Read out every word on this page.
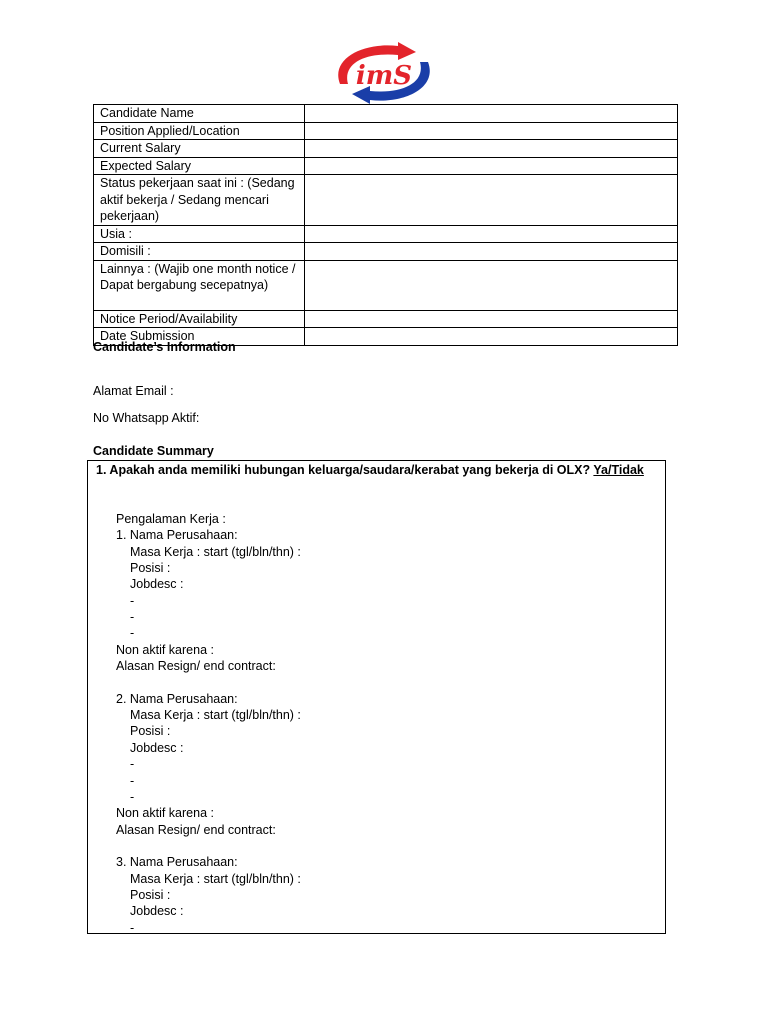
imS
Candidate Name	
Position Applied/Location	
Current Salary	
Expected Salary	
Status pekerjaan saat ini : (Sedang aktif bekerja / Sedang mencari pekerjaan)	
Usia :	
Domisili :	
Lainnya : (Wajib one month notice / Dapat bergabung secepatnya)	
Notice Period/Availability	
Date Submission	
Candidate’s Information
Alamat Email :
No Whatsapp Aktif:
Candidate Summary
1. Apakah anda memiliki hubungan keluarga/saudara/kerabat yang bekerja di OLX? Ya/Tidak
Pengalaman Kerja :
1. Nama Perusahaan:
Masa Kerja : start (tgl/bln/thn) :
Posisi :
Jobdesc :
-
-
-
Non aktif karena :
Alasan Resign/ end contract:
2. Nama Perusahaan:
Masa Kerja : start (tgl/bln/thn) :
Posisi :
Jobdesc :
-
-
-
Non aktif karena :
Alasan Resign/ end contract:
3. Nama Perusahaan:
Masa Kerja : start (tgl/bln/thn) :
Posisi :
Jobdesc :
-
